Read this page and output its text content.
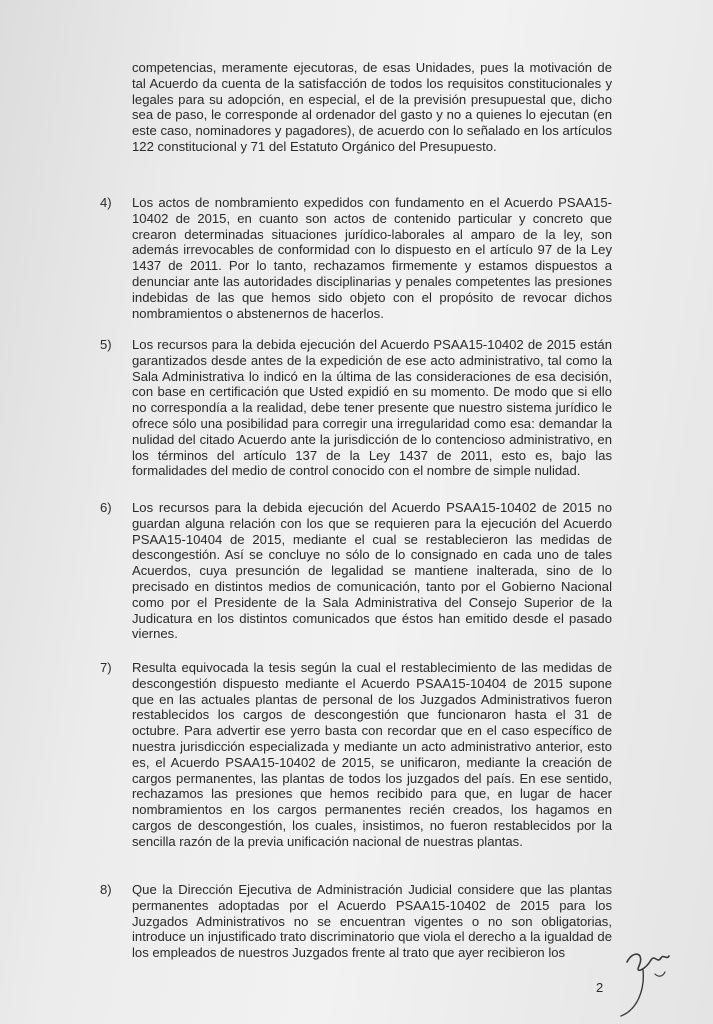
competencias, meramente ejecutoras, de esas Unidades, pues la motivación de tal Acuerdo da cuenta de la satisfacción de todos los requisitos constitucionales y legales para su adopción, en especial, el de la previsión presupuestal que, dicho sea de paso, le corresponde al ordenador del gasto y no a quienes lo ejecutan (en este caso, nominadores y pagadores), de acuerdo con lo señalado en los artículos 122 constitucional y 71 del Estatuto Orgánico del Presupuesto.

4)	Los actos de nombramiento expedidos con fundamento en el Acuerdo PSAA15-10402 de 2015, en cuanto son actos de contenido particular y concreto que crearon determinadas situaciones jurídico-laborales al amparo de la ley, son además irrevocables de conformidad con lo dispuesto en el artículo 97 de la Ley 1437 de 2011. Por lo tanto, rechazamos firmemente y estamos dispuestos a denunciar ante las autoridades disciplinarias y penales competentes las presiones indebidas de las que hemos sido objeto con el propósito de revocar dichos nombramientos o abstenernos de hacerlos.

5)	Los recursos para la debida ejecución del Acuerdo PSAA15-10402 de 2015 están garantizados desde antes de la expedición de ese acto administrativo, tal como la Sala Administrativa lo indicó en la última de las consideraciones de esa decisión, con base en certificación que Usted expidió en su momento. De modo que si ello no correspondía a la realidad, debe tener presente que nuestro sistema jurídico le ofrece sólo una posibilidad para corregir una irregularidad como esa: demandar la nulidad del citado Acuerdo ante la jurisdicción de lo contencioso administrativo, en los términos del artículo 137 de la Ley 1437 de 2011, esto es, bajo las formalidades del medio de control conocido con el nombre de simple nulidad.

6)	Los recursos para la debida ejecución del Acuerdo PSAA15-10402 de 2015 no guardan alguna relación con los que se requieren para la ejecución del Acuerdo PSAA15-10404 de 2015, mediante el cual se restablecieron las medidas de descongestión. Así se concluye no sólo de lo consignado en cada uno de tales Acuerdos, cuya presunción de legalidad se mantiene inalterada, sino de lo precisado en distintos medios de comunicación, tanto por el Gobierno Nacional como por el Presidente de la Sala Administrativa del Consejo Superior de la Judicatura en los distintos comunicados que éstos han emitido desde el pasado viernes.

7)	Resulta equivocada la tesis según la cual el restablecimiento de las medidas de descongestión dispuesto mediante el Acuerdo PSAA15-10404 de 2015 supone que en las actuales plantas de personal de los Juzgados Administrativos fueron restablecidos los cargos de descongestión que funcionaron hasta el 31 de octubre. Para advertir ese yerro basta con recordar que en el caso específico de nuestra jurisdicción especializada y mediante un acto administrativo anterior, esto es, el Acuerdo PSAA15-10402 de 2015, se unificaron, mediante la creación de cargos permanentes, las plantas de todos los juzgados del país. En ese sentido, rechazamos las presiones que hemos recibido para que, en lugar de hacer nombramientos en los cargos permanentes recién creados, los hagamos en cargos de descongestión, los cuales, insistimos, no fueron restablecidos por la sencilla razón de la previa unificación nacional de nuestras plantas.

8)	Que la Dirección Ejecutiva de Administración Judicial considere que las plantas permanentes adoptadas por el Acuerdo PSAA15-10402 de 2015 para los Juzgados Administrativos no se encuentran vigentes o no son obligatorias, introduce un injustificado trato discriminatorio que viola el derecho a la igualdad de los empleados de nuestros Juzgados frente al trato que ayer recibieron los

2
